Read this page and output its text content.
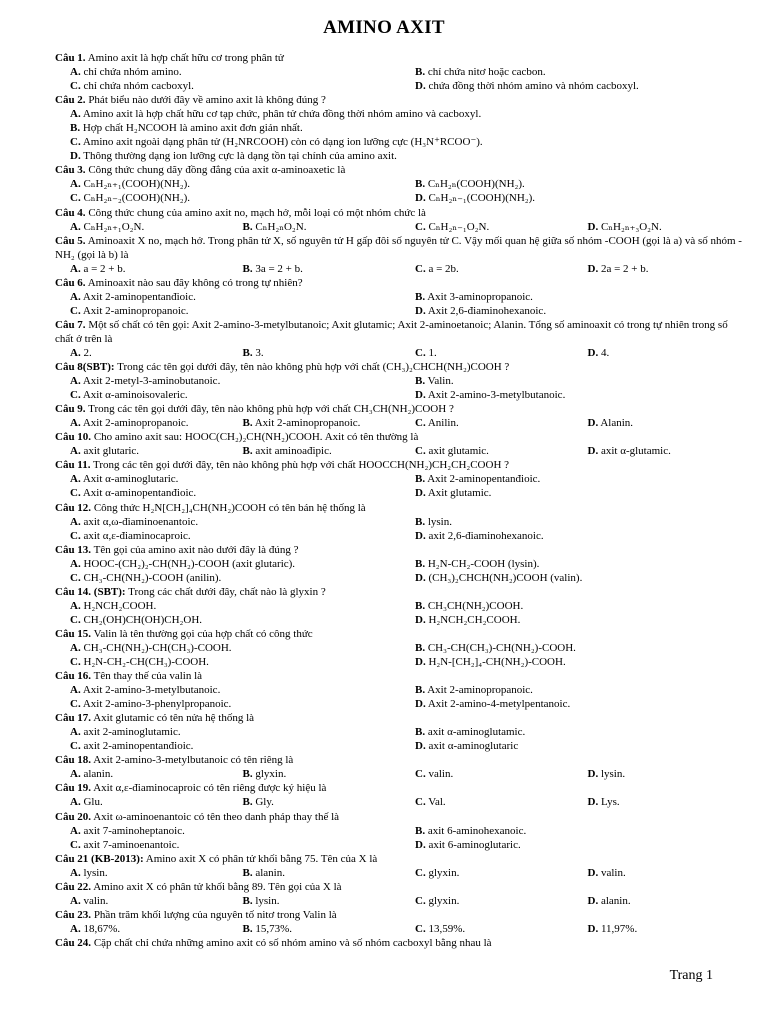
AMINO AXIT

Câu 1. Amino axit là hợp chất hữu cơ trong phân tử

A. chỉ chứa nhóm amino.	B. chỉ chứa nitơ hoặc cacbon.
C. chỉ chứa nhóm cacboxyl.	D. chứa đồng thời nhóm amino và nhóm cacboxyl.

Câu 2. Phát biểu nào dưới đây về amino axit là không đúng ?

A. Amino axit là hợp chất hữu cơ tạp chức, phân tử chứa đồng thời nhóm amino và cacboxyl.
B. Hợp chất H₂NCOOH là amino axit đơn giản nhất.
C. Amino axit ngoài dạng phân tử (H₂NRCOOH) còn có dạng ion lưỡng cực (H₃N⁺RCOO⁻).
D. Thông thường dạng ion lưỡng cực là dạng tồn tại chính của amino axit.

Câu 3. Công thức chung dãy đồng đẳng của axit α-aminoaxetic là

A. CₙH₂ₙ₊₁(COOH)(NH₂).	B. CₙH₂ₙ(COOH)(NH₂).
C. CₙH₂ₙ₋₂(COOH)(NH₂).	D. CₙH₂ₙ₋₁(COOH)(NH₂).

Câu 4. Công thức chung của amino axit no, mạch hở, mỗi loại có một nhóm chức là

A. CₙH₂ₙ₊₁O₂N.	B. CₙH₂ₙO₂N.	C. CₙH₂ₙ₋₁O₂N.	D. CₙH₂ₙ₊₃O₂N.

Câu 5. Aminoaxit X no, mạch hở. Trong phân tử X, số nguyên tử H gấp đôi số nguyên tử C. Vậy mối quan hệ giữa số nhóm -COOH (gọi là a) và số nhóm -NH₂ (gọi là b) là

A. a = 2 + b.	B. 3a = 2 + b.	C. a = 2b.	D. 2a = 2 + b.

Câu 6. Aminoaxit nào sau đây không có trong tự nhiên?

A. Axit 2-aminopentanđioic.	B. Axit 3-aminopropanoic.
C. Axit 2-aminopropanoic.	D. Axit 2,6-điaminohexanoic.

Câu 7. Một số chất có tên gọi: Axit 2-amino-3-metylbutanoic; Axit glutamic; Axit 2-aminoetanoic; Alanin. Tổng số aminoaxit có trong tự nhiên trong số chất ở trên là

A. 2.	B. 3.	C. 1.	D. 4.

Câu 8(SBT): Trong các tên gọi dưới đây, tên nào không phù hợp với chất (CH₃)₂CHCH(NH₂)COOH ?

A. Axit 2-metyl-3-aminobutanoic.	B. Valin.
C. Axit α-aminoisovaleric.	D. Axit 2-amino-3-metylbutanoic.

Câu 9. Trong các tên gọi dưới đây, tên nào không phù hợp với chất CH₃CH(NH₂)COOH ?

A. Axit 2-aminopropanoic.	B. Axit 2-aminopropanoic.	C. Anilin.	D. Alanin.

Câu 10. Cho amino axit sau: HOOC(CH₂)₂CH(NH₂)COOH. Axit có tên thường là

A. axit glutaric.	B. axit aminoađipic.	C. axit glutamic.	D. axit α-glutamic.

Câu 11. Trong các tên gọi dưới đây, tên nào không phù hợp với chất HOOCCH(NH₂)CH₂CH₂COOH ?

A. Axit α-aminoglutaric.	B. Axit 2-aminopentanđioic.
C. Axit α-aminopentanđioic.	D. Axit glutamic.

Câu 12. Công thức H₂N[CH₂]₄CH(NH₂)COOH có tên bán hệ thống là

A. axit α,ω-điaminoenantoic.	B. lysin.
C. axit α,ε-điaminocaproic.	D. axit 2,6-điaminohexanoic.

Câu 13. Tên gọi của amino axit nào dưới đây là đúng ?

A. HOOC-(CH₂)₂-CH(NH₂)-COOH (axit glutaric).	B. H₂N-CH₂-COOH (lysin).
C. CH₃-CH(NH₂)-COOH (anilin).	D. (CH₃)₂CHCH(NH₂)COOH (valin).

Câu 14. (SBT): Trong các chất dưới đây, chất nào là glyxin ?

A. H₂NCH₂COOH.	B. CH₃CH(NH₂)COOH.
C. CH₂(OH)CH(OH)CH₂OH.	D. H₂NCH₂CH₂COOH.

Câu 15. Valin là tên thường gọi của hợp chất có công thức

A. CH₃-CH(NH₂)-CH(CH₃)-COOH.	B. CH₃-CH(CH₃)-CH(NH₂)-COOH.
C. H₂N-CH₂-CH(CH₃)-COOH.	D. H₂N-[CH₂]₄-CH(NH₂)-COOH.

Câu 16. Tên thay thế của valin là

A. Axit 2-amino-3-metylbutanoic.	B. Axit 2-aminopropanoic.
C. Axit 2-amino-3-phenylpropanoic.	D. Axit 2-amino-4-metylpentanoic.

Câu 17. Axit glutamic có tên nửa hệ thống là

A. axit 2-aminoglutamic.	B. axit α-aminoglutamic.
C. axit 2-aminopentanđioic.	D. axit α-aminoglutaric

Câu 18. Axit 2-amino-3-metylbutanoic có tên riêng là

A. alanin.	B. glyxin.	C. valin.	D. lysin.

Câu 19. Axit α,ε-điaminocaproic có tên riêng được ký hiệu là

A. Glu.	B. Gly.	C. Val.	D. Lys.

Câu 20. Axit ω-aminoenantoic có tên theo danh pháp thay thế là

A. axit 7-aminoheptanoic.	B. axit 6-aminohexanoic.
C. axit 7-aminoenantoic.	D. axit 6-aminoglutaric.

Câu 21 (KB-2013): Amino axit X có phân tử khối bằng 75. Tên của X là

A. lysin.	B. alanin.	C. glyxin.	D. valin.

Câu 22. Amino axit X có phân tử khối bằng 89. Tên gọi của X là

A. valin.	B. lysin.	C. glyxin.	D. alanin.

Câu 23. Phần trăm khối lượng của nguyên tố nitơ trong Valin là

A. 18,67%.	B. 15,73%.	C. 13,59%.	D. 11,97%.

Câu 24. Cặp chất chỉ chứa những amino axit có số nhóm amino và số nhóm cacboxyl bằng nhau là

Trang 1
